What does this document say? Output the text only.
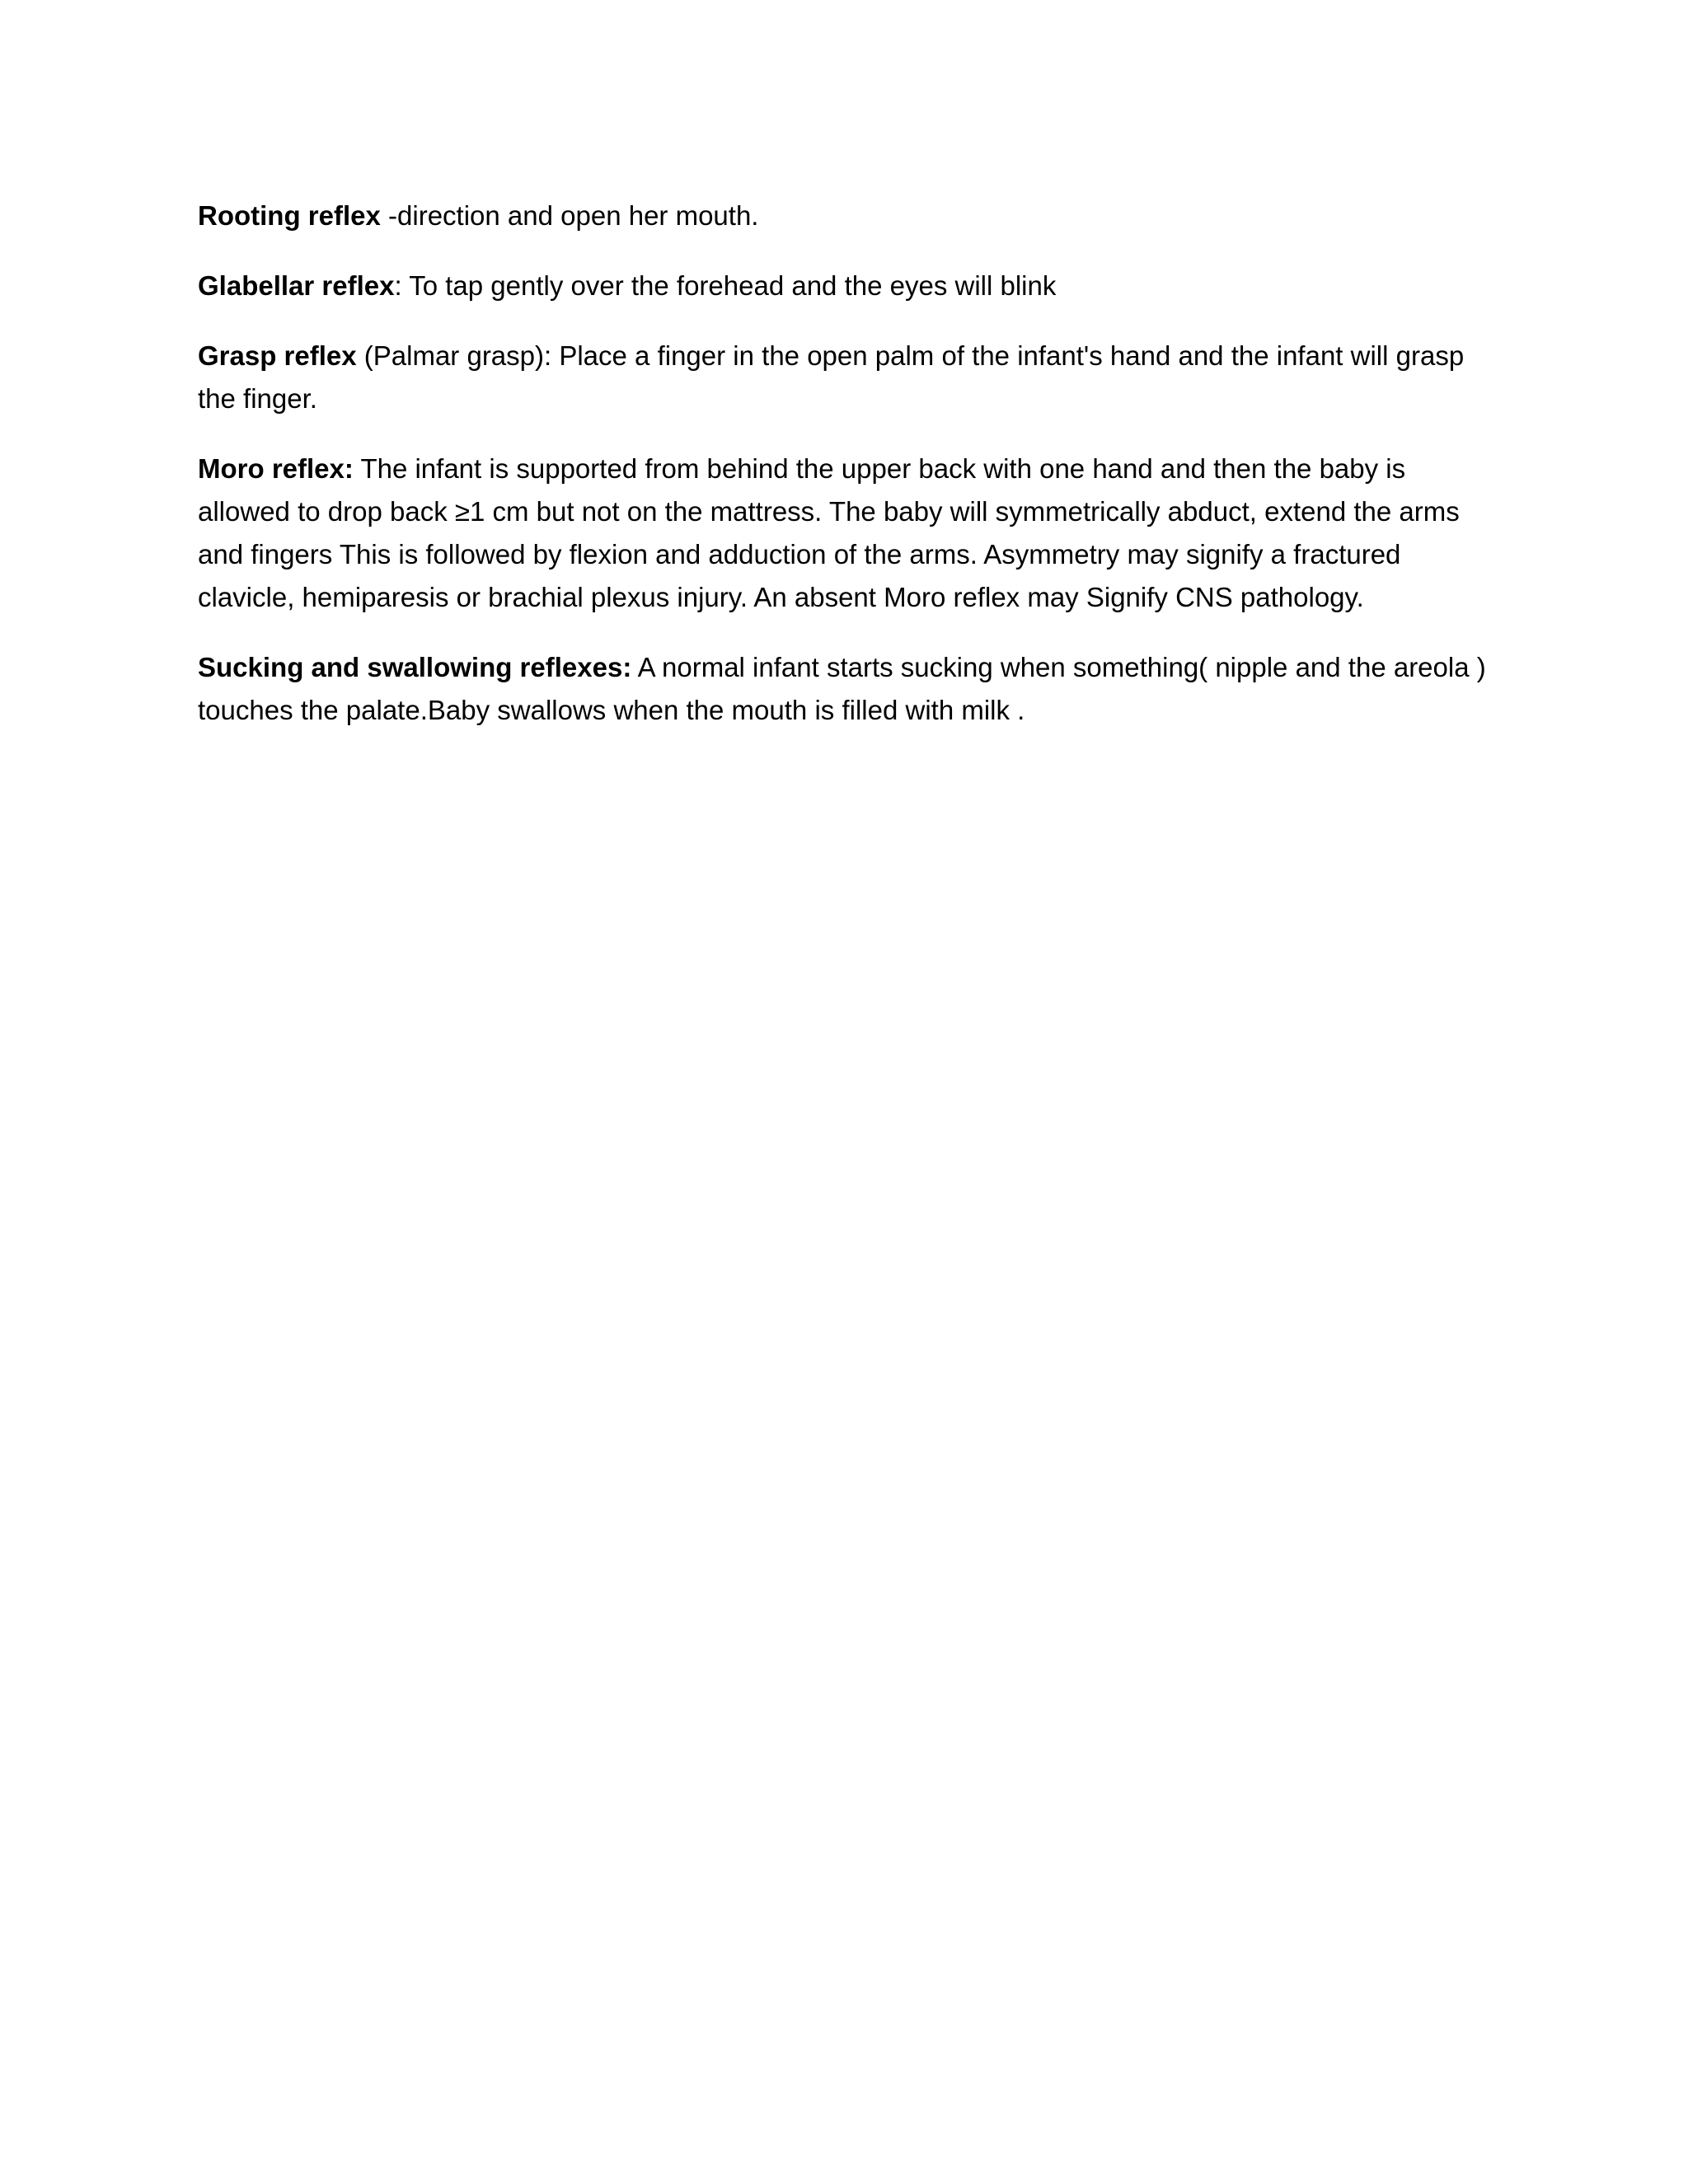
Rooting reflex -direction and open her mouth.

Glabellar reflex: To tap gently over the forehead and the eyes will blink

Grasp reflex (Palmar grasp): Place a finger in the open palm of the infant's hand and the infant will grasp the finger.

Moro reflex: The infant is supported from behind the upper back with one hand and then the baby is allowed to drop back ≥1 cm but not on the mattress. The baby will symmetrically abduct, extend the arms and fingers This is followed by flexion and adduction of the arms. Asymmetry may signify a fractured clavicle, hemiparesis or brachial plexus injury. An absent Moro reflex may Signify CNS pathology.

Sucking and swallowing reflexes: A normal infant starts sucking when something( nipple and the areola ) touches the palate.Baby swallows when the mouth is filled with milk .
